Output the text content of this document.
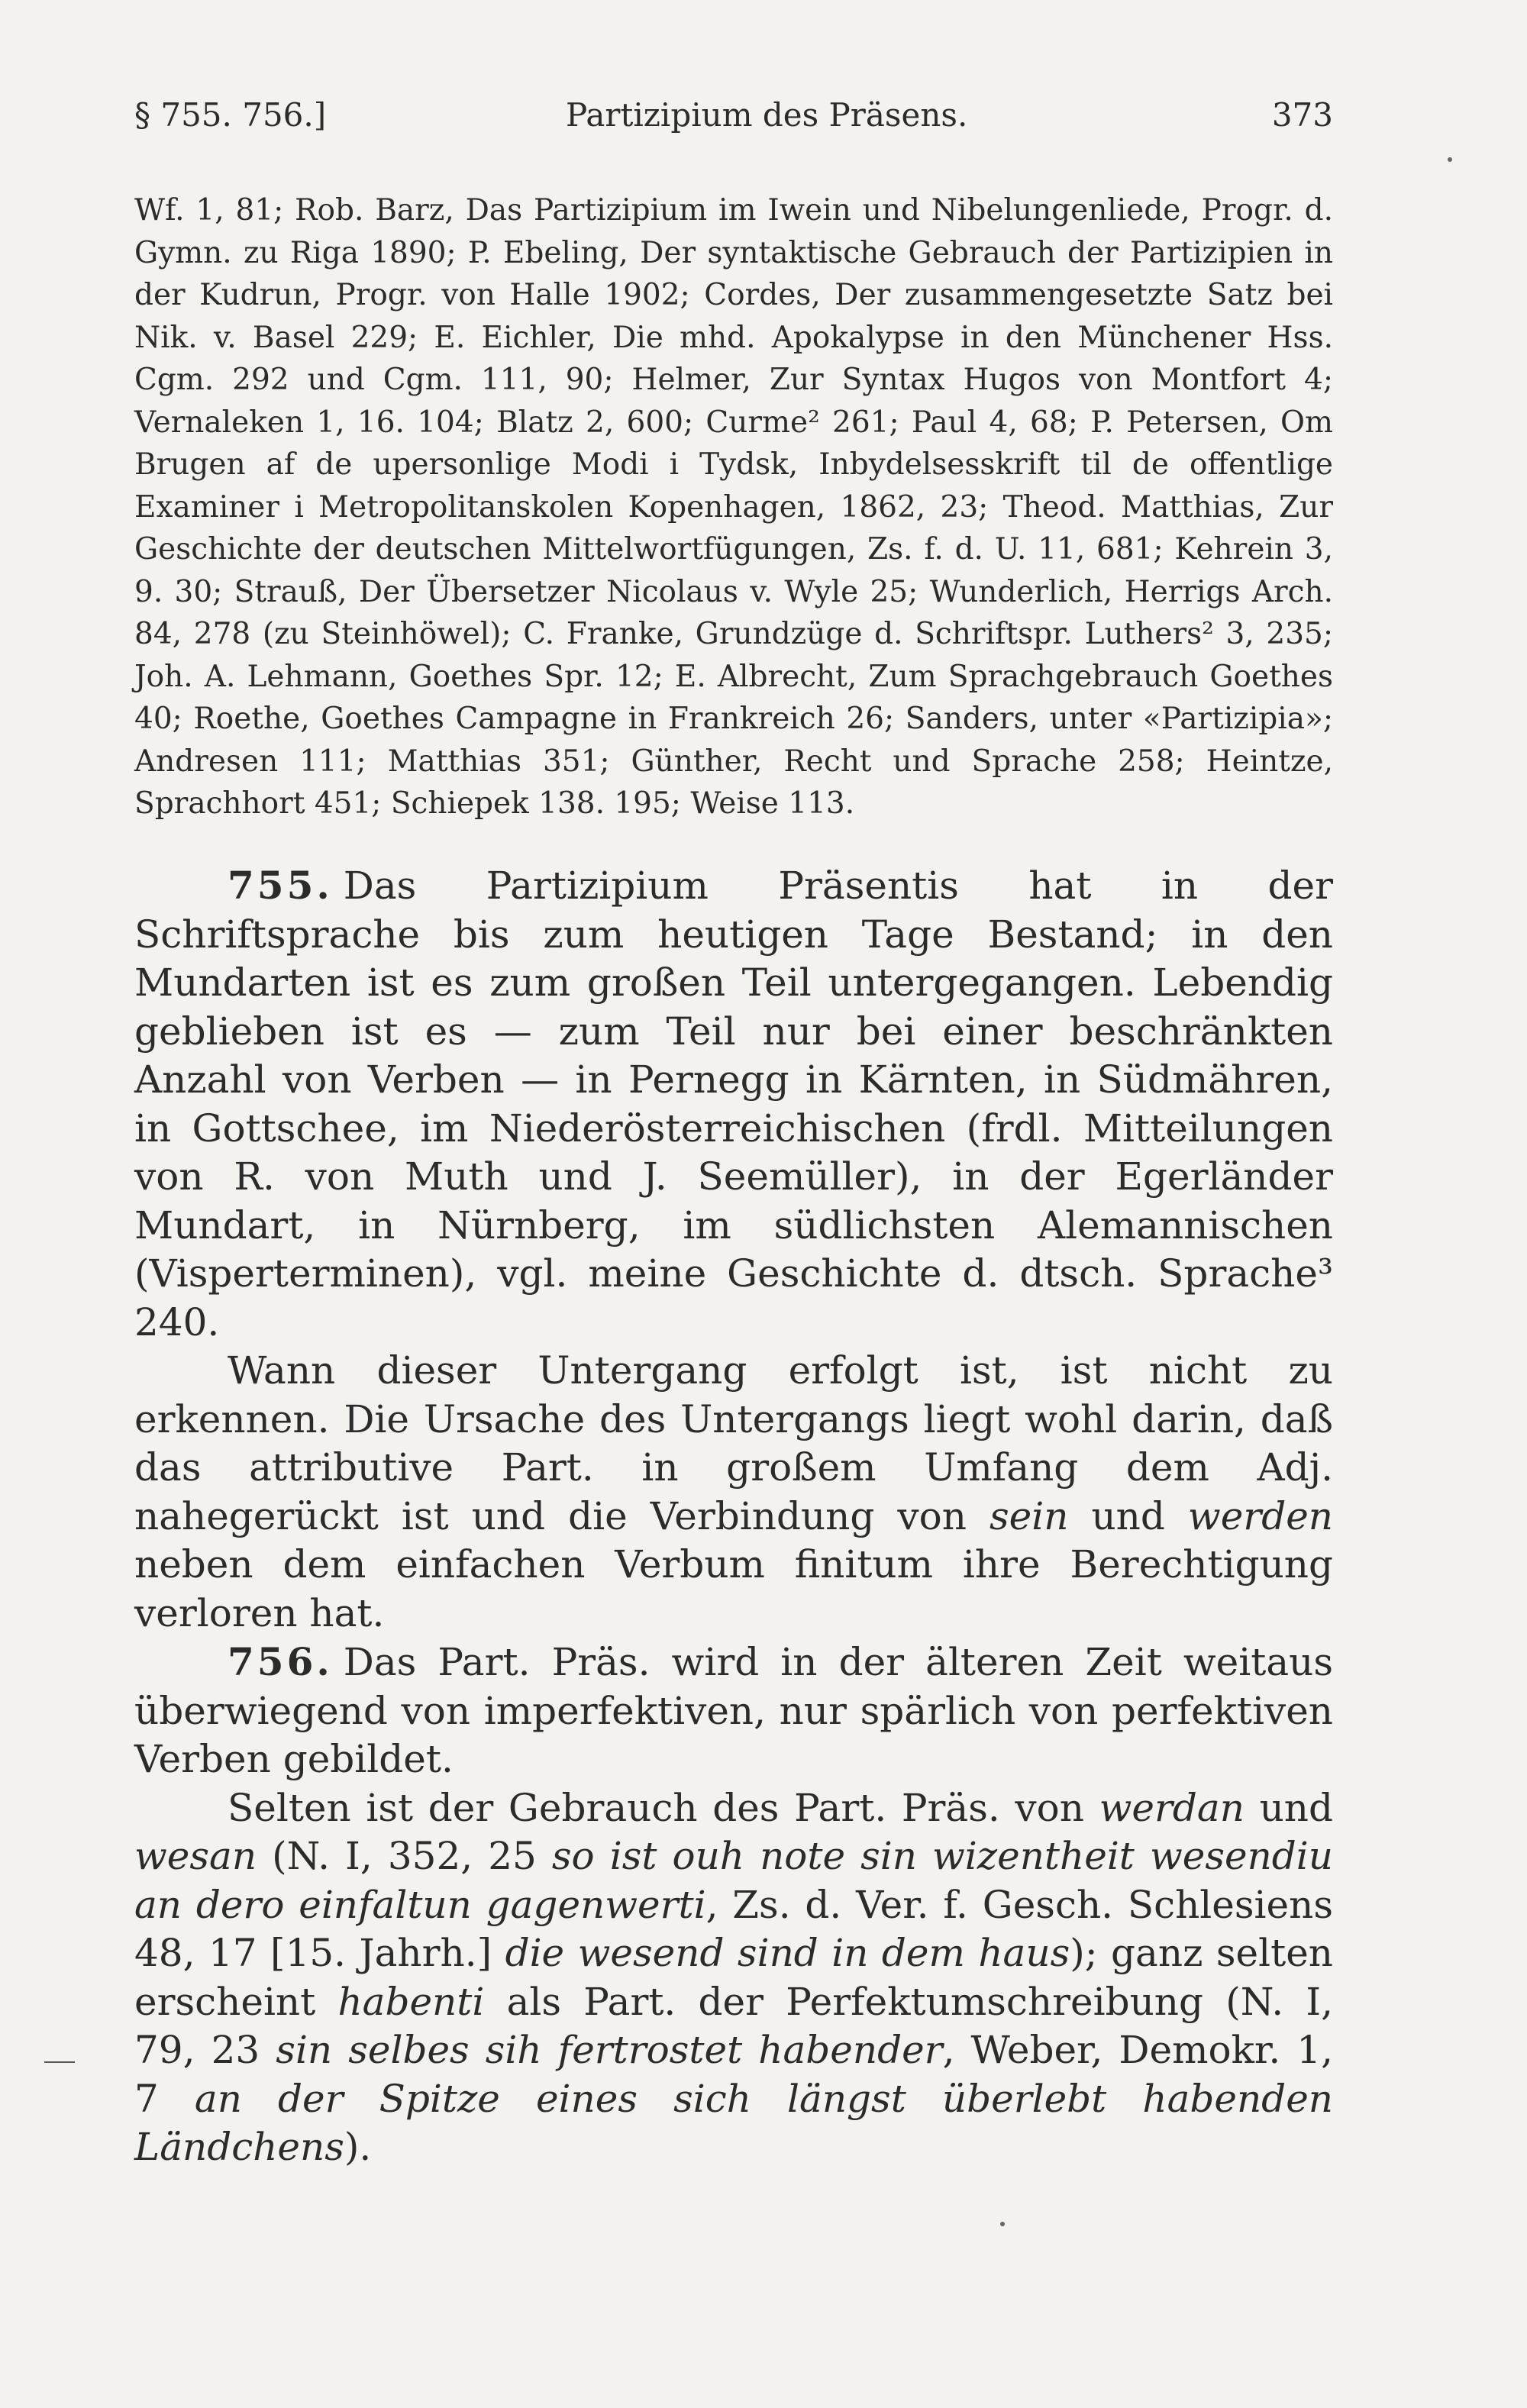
§ 755. 756.]	Partizipium des Präsens.	373
Wf. 1, 81; Rob. Barz, Das Partizipium im Iwein und Nibelungenliede, Progr. d. Gymn. zu Riga 1890; P. Ebeling, Der syntaktische Gebrauch der Partizipien in der Kudrun, Progr. von Halle 1902; Cordes, Der zusammengesetzte Satz bei Nik. v. Basel 229; E. Eichler, Die mhd. Apokalypse in den Münchener Hss. Cgm. 292 und Cgm. 111, 90; Helmer, Zur Syntax Hugos von Montfort 4; Vernaleken 1, 16. 104; Blatz 2, 600; Curme² 261; Paul 4, 68; P. Petersen, Om Brugen af de upersonlige Modi i Tydsk, Inbydelsesskrift til de offentlige Examiner i Metropolitanskolen Kopenhagen, 1862, 23; Theod. Matthias, Zur Geschichte der deutschen Mittelwortfügungen, Zs. f. d. U. 11, 681; Kehrein 3, 9. 30; Strauß, Der Übersetzer Nicolaus v. Wyle 25; Wunderlich, Herrigs Arch. 84, 278 (zu Steinhöwel); C. Franke, Grundzüge d. Schriftspr. Luthers² 3, 235; Joh. A. Lehmann, Goethes Spr. 12; E. Albrecht, Zum Sprachgebrauch Goethes 40; Roethe, Goethes Campagne in Frankreich 26; Sanders, unter «Partizipia»; Andresen 111; Matthias 351; Günther, Recht und Sprache 258; Heintze, Sprachhort 451; Schiepek 138. 195; Weise 113.

755. Das Partizipium Präsentis hat in der Schriftsprache bis zum heutigen Tage Bestand; in den Mundarten ist es zum großen Teil untergegangen. Lebendig geblieben ist es — zum Teil nur bei einer beschränkten Anzahl von Verben — in Pernegg in Kärnten, in Südmähren, in Gottschee, im Niederösterreichischen (frdl. Mitteilungen von R. von Muth und J. Seemüller), in der Egerländer Mundart, in Nürnberg, im südlichsten Alemannischen (Visperterminen), vgl. meine Geschichte d. dtsch. Sprache³ 240.

Wann dieser Untergang erfolgt ist, ist nicht zu erkennen. Die Ursache des Untergangs liegt wohl darin, daß das attributive Part. in großem Umfang dem Adj. nahegerückt ist und die Verbindung von sein und werden neben dem einfachen Verbum finitum ihre Berechtigung verloren hat.

756. Das Part. Präs. wird in der älteren Zeit weitaus überwiegend von imperfektiven, nur spärlich von perfektiven Verben gebildet.

Selten ist der Gebrauch des Part. Präs. von werdan und wesan (N. I, 352, 25 so ist ouh note sin wizentheit wesendiu an dero einfaltun gagenwerti, Zs. d. Ver. f. Gesch. Schlesiens 48, 17 [15. Jahrh.] die wesend sind in dem haus); ganz selten erscheint habenti als Part. der Perfektumschreibung (N. I, 79, 23 sin selbes sih fertrostet habender, Weber, Demokr. 1, 7 an der Spitze eines sich längst überlebt habenden Ländchens).
